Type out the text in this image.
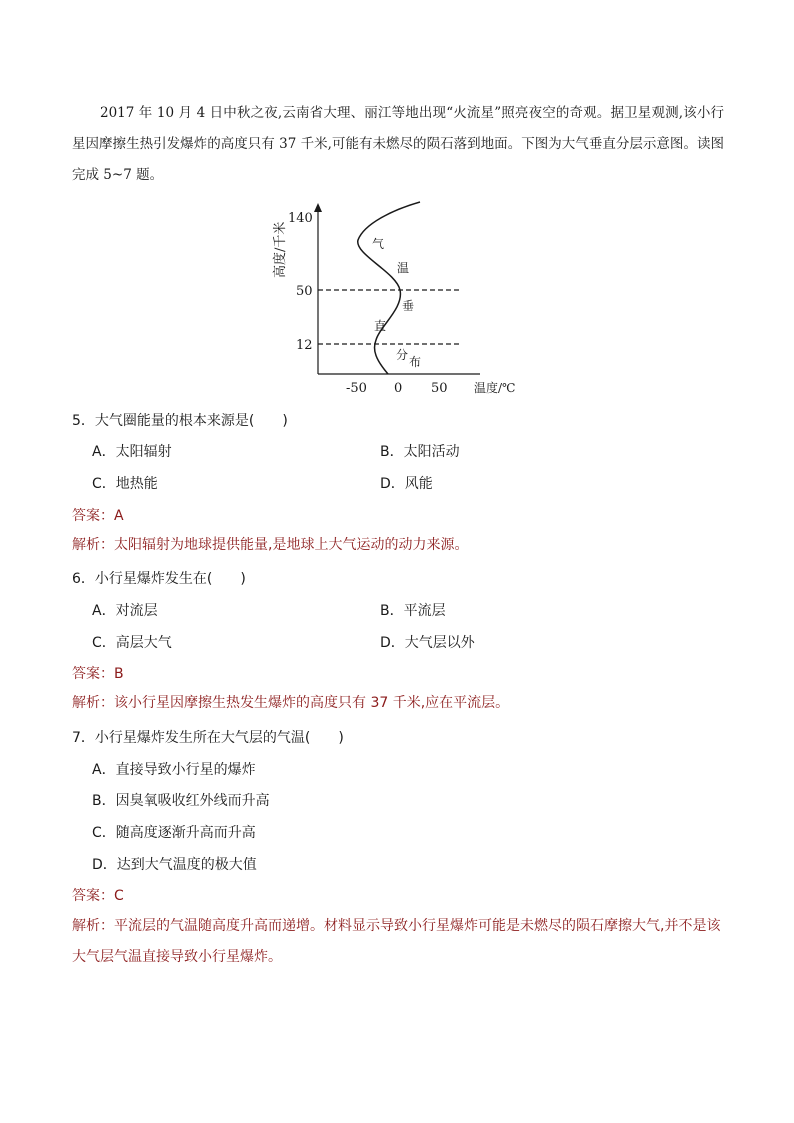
2017 年 10 月 4 日中秋之夜,云南省大理、丽江等地出现“火流星”照亮夜空的奇观。据卫星观测,该小行星因摩擦生热引发爆炸的高度只有 37 千米,可能有未燃尽的陨石落到地面。下图为大气垂直分层示意图。读图完成 5~7 题。
高度/千米
140
50
12
-50 0 50 温度/℃
气
温
垂
直
分 布
5．大气圈能量的根本来源是(　　)
A．太阳辐射	B．太阳活动
C．地热能	D．风能
答案：A
解析：太阳辐射为地球提供能量,是地球上大气运动的动力来源。
6．小行星爆炸发生在(　　)
A．对流层	B．平流层
C．高层大气	D．大气层以外
答案：B
解析：该小行星因摩擦生热发生爆炸的高度只有 37 千米,应在平流层。
7．小行星爆炸发生所在大气层的气温(　　)
A．直接导致小行星的爆炸
B．因臭氧吸收红外线而升高
C．随高度逐渐升高而升高
D．达到大气温度的极大值
答案：C
解析：平流层的气温随高度升高而递增。材料显示导致小行星爆炸可能是未燃尽的陨石摩擦大气,并不是该大气层气温直接导致小行星爆炸。
